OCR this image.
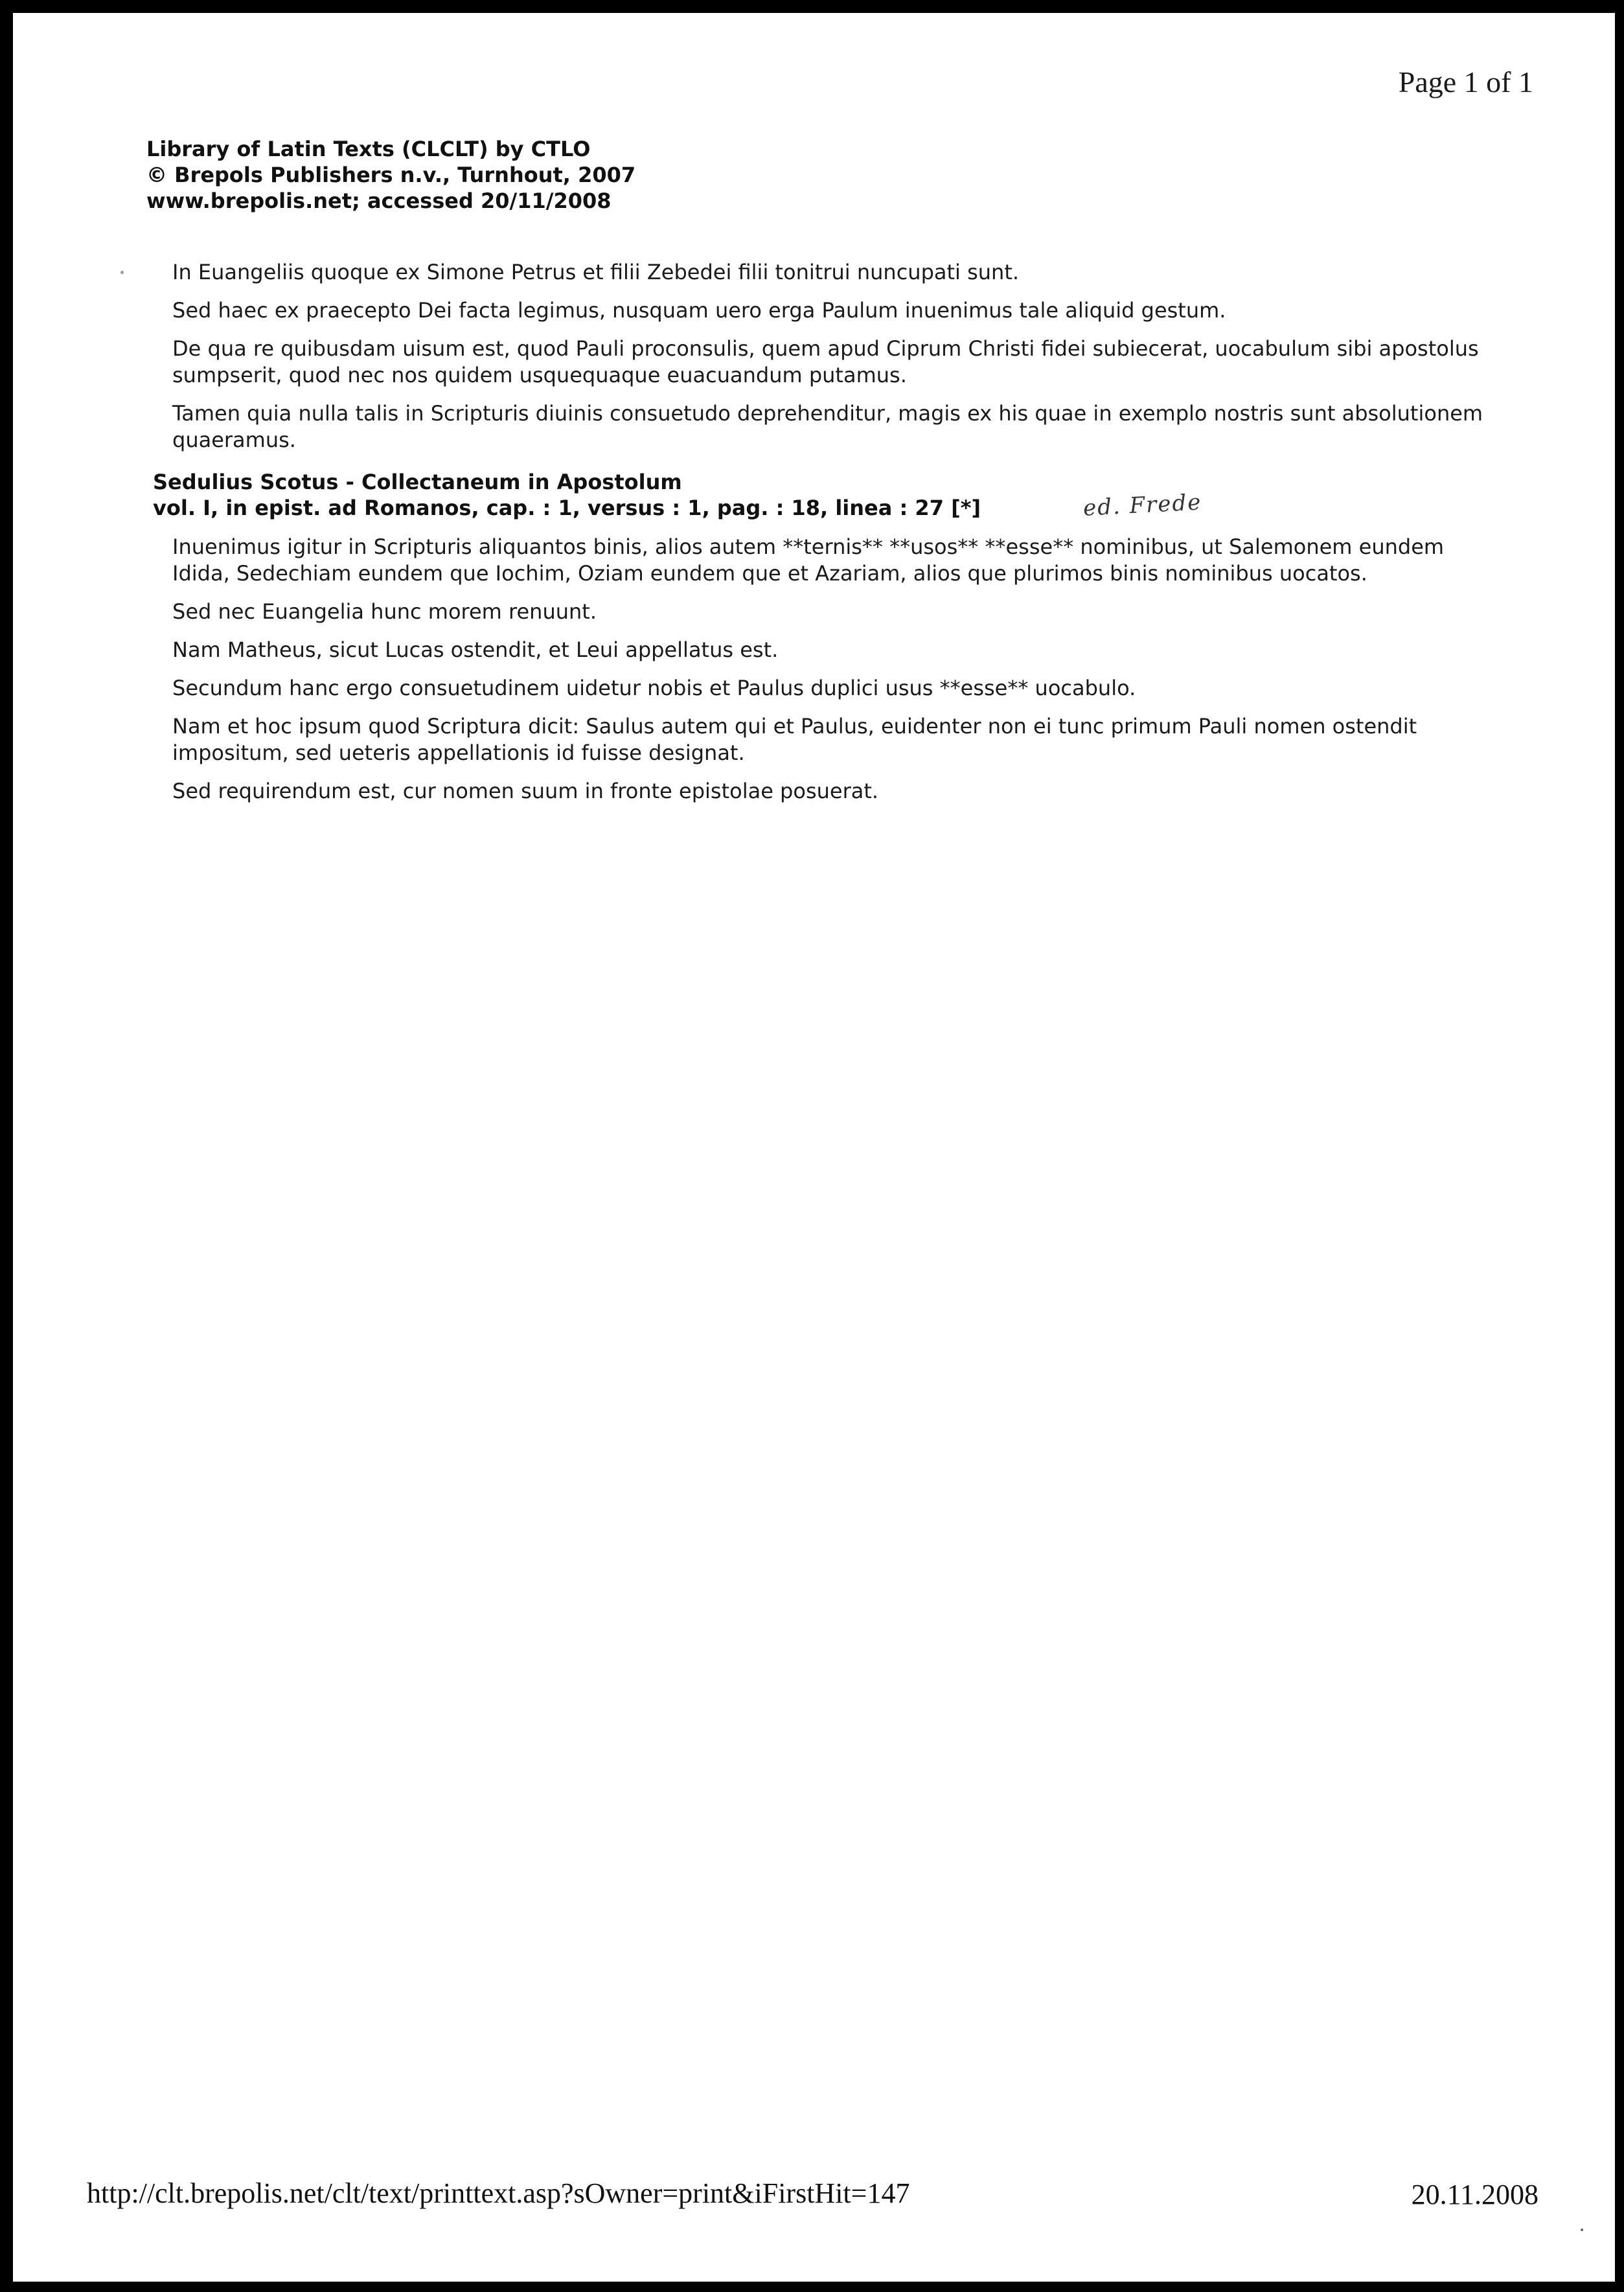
Page 1 of 1
Library of Latin Texts (CLCLT) by CTLO
© Brepols Publishers n.v., Turnhout, 2007
www.brepolis.net; accessed 20/11/2008

In Euangeliis quoque ex Simone Petrus et filii Zebedei filii tonitrui nuncupati sunt.

Sed haec ex praecepto Dei facta legimus, nusquam uero erga Paulum inuenimus tale aliquid gestum.

De qua re quibusdam uisum est, quod Pauli proconsulis, quem apud Ciprum Christi fidei subiecerat, uocabulum sibi apostolus sumpserit, quod nec nos quidem usquequaque euacuandum putamus.

Tamen quia nulla talis in Scripturis diuinis consuetudo deprehenditur, magis ex his quae in exemplo nostris sunt absolutionem quaeramus.

Sedulius Scotus - Collectaneum in Apostolum
vol. I, in epist. ad Romanos, cap. : 1, versus : 1, pag. : 18, linea : 27 [*]	ed. Frede

Inuenimus igitur in Scripturis aliquantos binis, alios autem **ternis** **usos** **esse** nominibus, ut Salemonem eundem Idida, Sedechiam eundem que Iochim, Oziam eundem que et Azariam, alios que plurimos binis nominibus uocatos.

Sed nec Euangelia hunc morem renuunt.

Nam Matheus, sicut Lucas ostendit, et Leui appellatus est.

Secundum hanc ergo consuetudinem uidetur nobis et Paulus duplici usus **esse** uocabulo.

Nam et hoc ipsum quod Scriptura dicit: Saulus autem qui et Paulus, euidenter non ei tunc primum Pauli nomen ostendit impositum, sed ueteris appellationis id fuisse designat.

Sed requirendum est, cur nomen suum in fronte epistolae posuerat.

http://clt.brepolis.net/clt/text/printtext.asp?sOwner=print&iFirstHit=147	20.11.2008
